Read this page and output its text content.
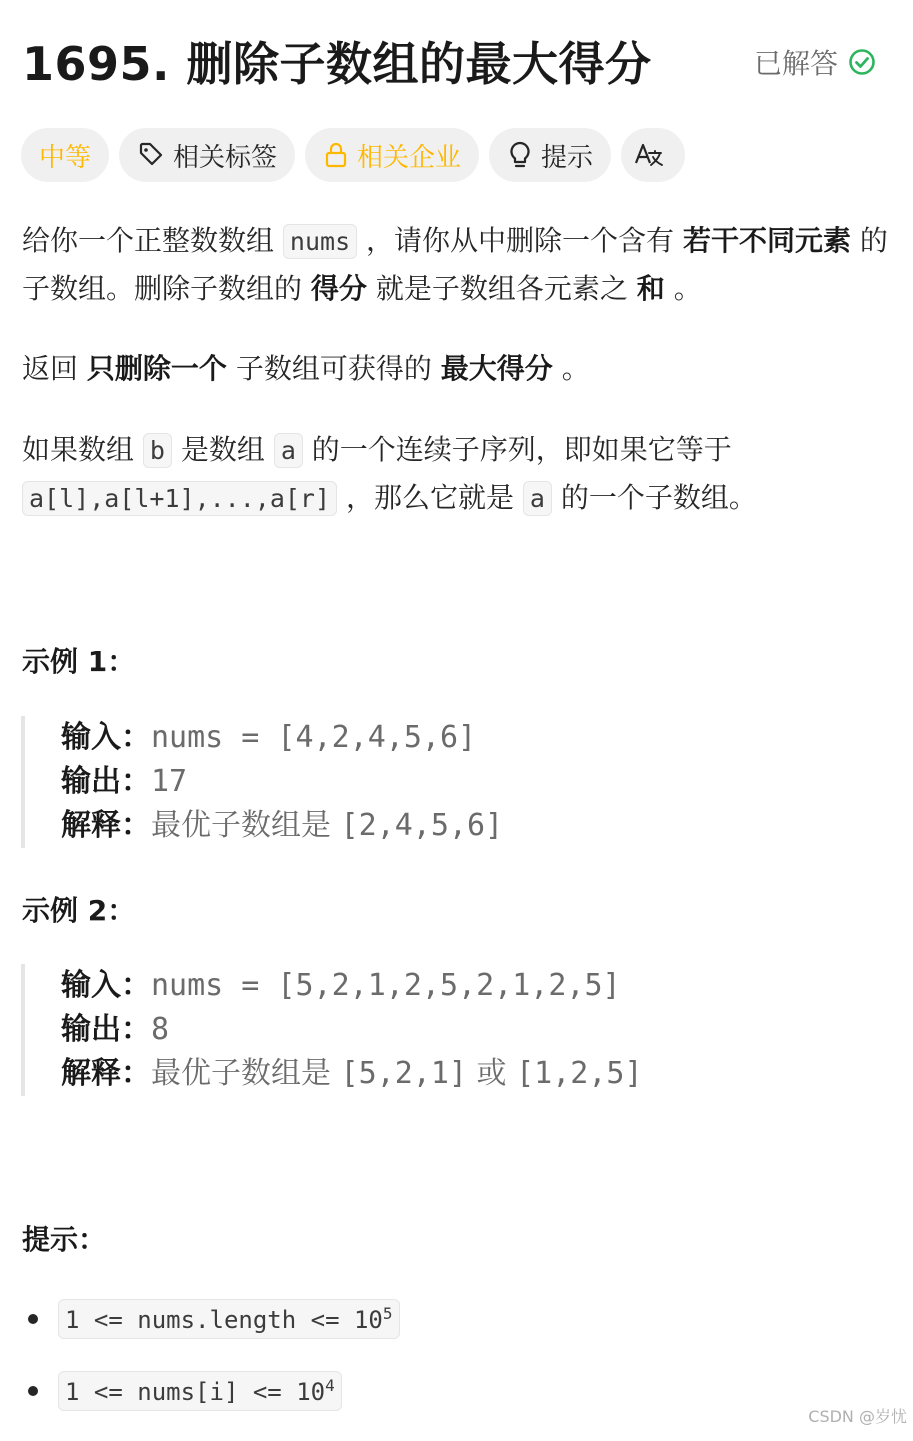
1695. 删除子数组的最大得分	已解答
中等	相关标签	相关企业	提示
给你一个正整数数组 nums ，请你从中删除一个含有 若干不同元素 的子数组。删除子数组的 得分 就是子数组各元素之 和 。
返回 只删除一个 子数组可获得的 最大得分 。
如果数组 b 是数组 a 的一个连续子序列，即如果它等于
a[l],a[l+1],...,a[r] ，那么它就是 a 的一个子数组。
示例 1：
输入：nums = [4,2,4,5,6]
输出：17
解释：最优子数组是 [2,4,5,6]
示例 2：
输入：nums = [5,2,1,2,5,2,1,2,5]
输出：8
解释：最优子数组是 [5,2,1] 或 [1,2,5]
提示：
1 <= nums.length <= $10^5$
1 <= nums[i] <= $10^4$
CSDN @岁忧
